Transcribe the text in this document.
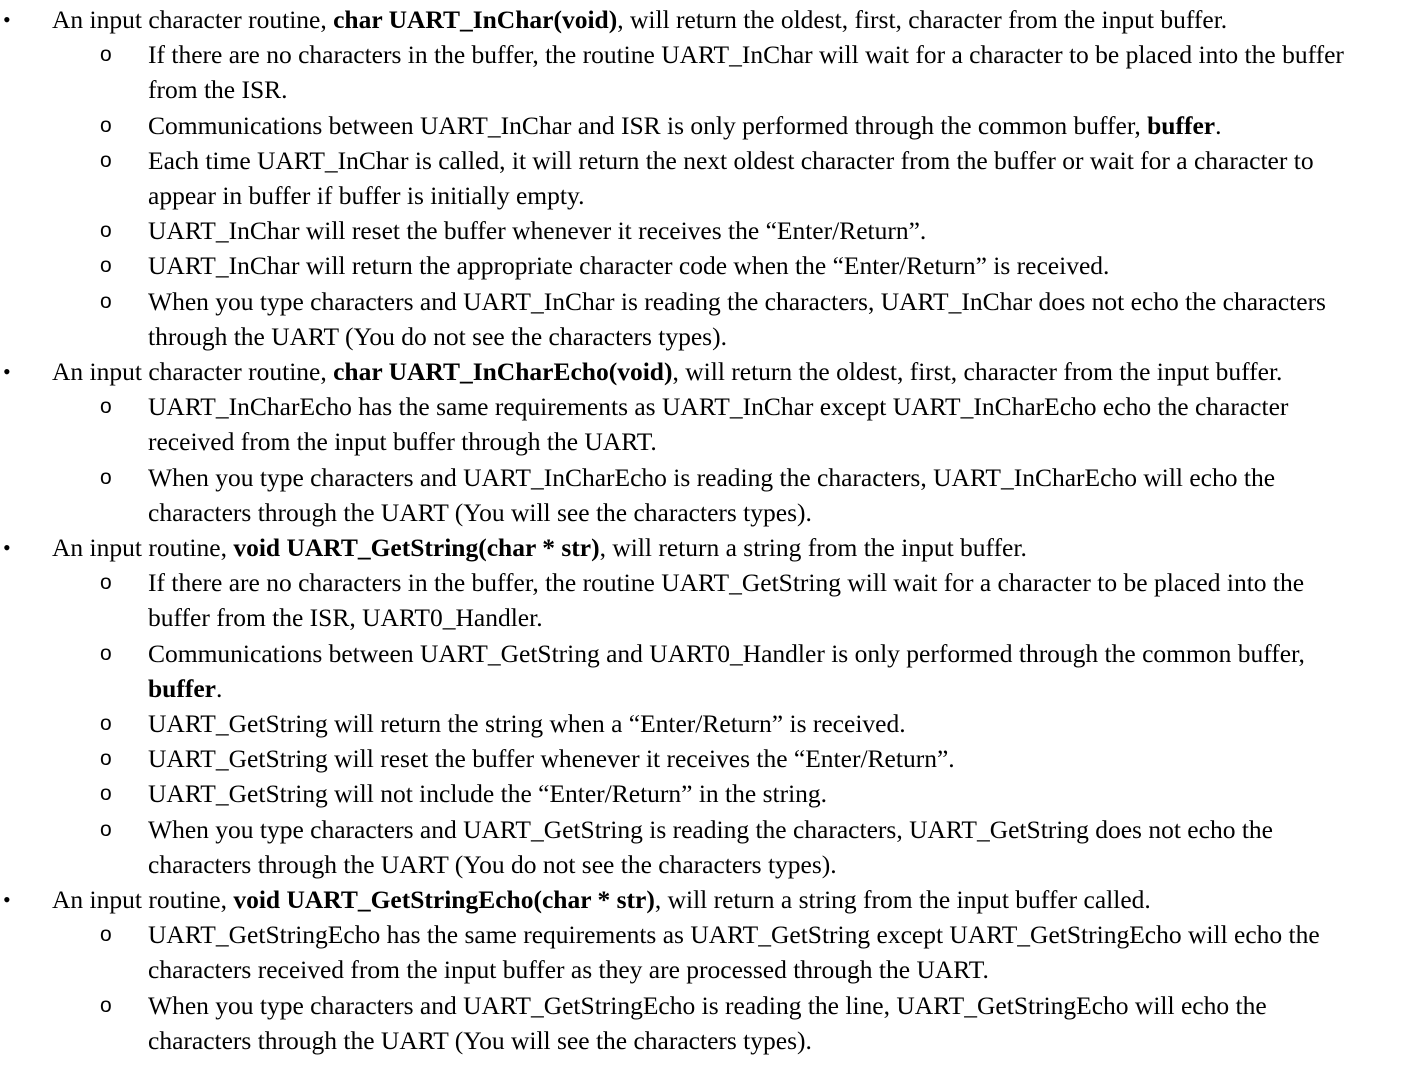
• An input character routine, char UART_InChar(void), will return the oldest, first, character from the input buffer.
o If there are no characters in the buffer, the routine UART_InChar will wait for a character to be placed into the buffer from the ISR.
o Communications between UART_InChar and ISR is only performed through the common buffer, buffer.
o Each time UART_InChar is called, it will return the next oldest character from the buffer or wait for a character to appear in buffer if buffer is initially empty.
o UART_InChar will reset the buffer whenever it receives the “Enter/Return”.
o UART_InChar will return the appropriate character code when the “Enter/Return” is received.
o When you type characters and UART_InChar is reading the characters, UART_InChar does not echo the characters through the UART (You do not see the characters types).
• An input character routine, char UART_InCharEcho(void), will return the oldest, first, character from the input buffer.
o UART_InCharEcho has the same requirements as UART_InChar except UART_InCharEcho echo the character received from the input buffer through the UART.
o When you type characters and UART_InCharEcho is reading the characters, UART_InCharEcho will echo the characters through the UART (You will see the characters types).
• An input routine, void UART_GetString(char * str), will return a string from the input buffer.
o If there are no characters in the buffer, the routine UART_GetString will wait for a character to be placed into the buffer from the ISR, UART0_Handler.
o Communications between UART_GetString and UART0_Handler is only performed through the common buffer, buffer.
o UART_GetString will return the string when a “Enter/Return” is received.
o UART_GetString will reset the buffer whenever it receives the “Enter/Return”.
o UART_GetString will not include the “Enter/Return” in the string.
o When you type characters and UART_GetString is reading the characters, UART_GetString does not echo the characters through the UART (You do not see the characters types).
• An input routine, void UART_GetStringEcho(char * str), will return a string from the input buffer called.
o UART_GetStringEcho has the same requirements as UART_GetString except UART_GetStringEcho will echo the characters received from the input buffer as they are processed through the UART.
o When you type characters and UART_GetStringEcho is reading the line, UART_GetStringEcho will echo the characters through the UART (You will see the characters types).
